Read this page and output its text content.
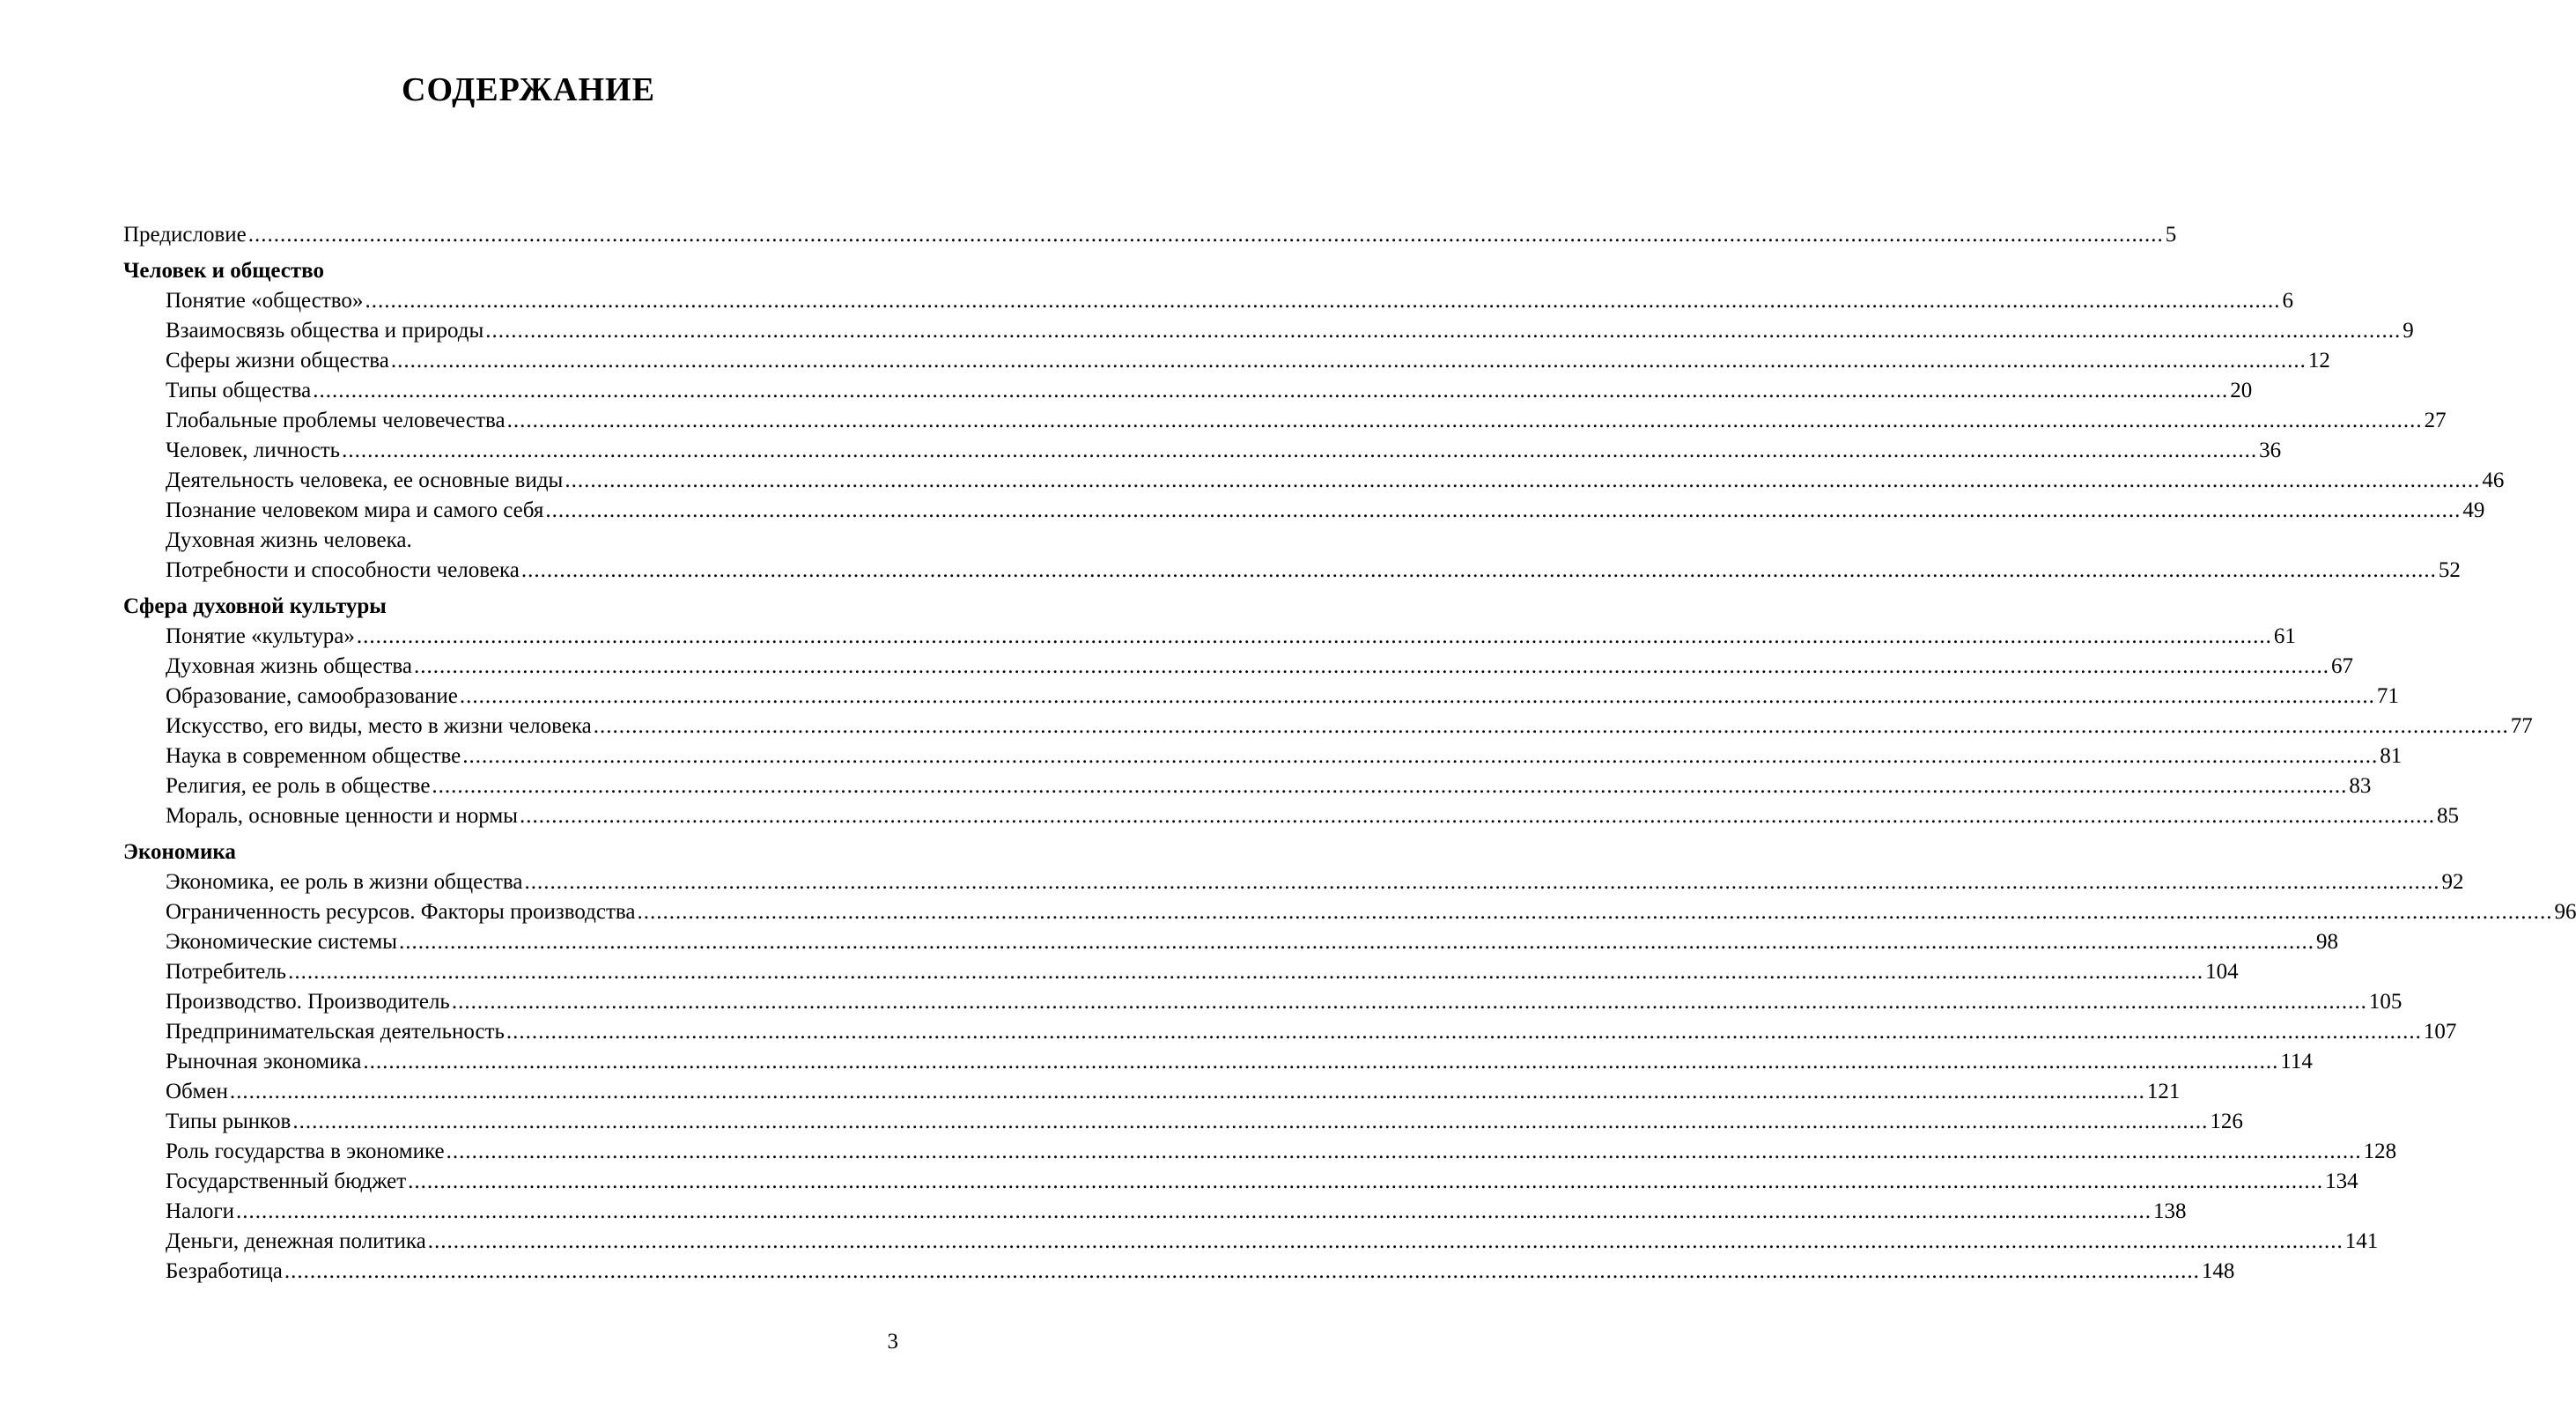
СОДЕРЖАНИЕ
Предисловие ............................................................................................................................................................................................................................................................................................................ 5
Человек и общество
Понятие «общество» ............................................................................................................................................................................................................................................................................................................ 6
Взаимосвязь общества и природы ............................................................................................................................................................................................................................................................................................................ 9
Сферы жизни общества ............................................................................................................................................................................................................................................................................................................ 12
Типы общества ............................................................................................................................................................................................................................................................................................................ 20
Глобальные проблемы человечества ............................................................................................................................................................................................................................................................................................................ 27
Человек, личность ............................................................................................................................................................................................................................................................................................................ 36
Деятельность человека, ее основные виды ............................................................................................................................................................................................................................................................................................................ 46
Познание человеком мира и самого себя ............................................................................................................................................................................................................................................................................................................ 49
Духовная жизнь человека.
Потребности и способности человека ............................................................................................................................................................................................................................................................................................................ 52
Сфера духовной культуры
Понятие «культура» ............................................................................................................................................................................................................................................................................................................ 61
Духовная жизнь общества ............................................................................................................................................................................................................................................................................................................ 67
Образование, самообразование ............................................................................................................................................................................................................................................................................................................ 71
Искусство, его виды, место в жизни человека ............................................................................................................................................................................................................................................................................................................ 77
Наука в современном обществе ............................................................................................................................................................................................................................................................................................................ 81
Религия, ее роль в обществе ............................................................................................................................................................................................................................................................................................................ 83
Мораль, основные ценности и нормы ............................................................................................................................................................................................................................................................................................................ 85
Экономика
Экономика, ее роль в жизни общества ............................................................................................................................................................................................................................................................................................................ 92
Ограниченность ресурсов. Факторы производства ............................................................................................................................................................................................................................................................................................................ 96
Экономические системы ............................................................................................................................................................................................................................................................................................................ 98
Потребитель ............................................................................................................................................................................................................................................................................................................ 104
Производство. Производитель ............................................................................................................................................................................................................................................................................................................ 105
Предпринимательская деятельность ............................................................................................................................................................................................................................................................................................................ 107
Рыночная экономика ............................................................................................................................................................................................................................................................................................................ 114
Обмен ............................................................................................................................................................................................................................................................................................................ 121
Типы рынков ............................................................................................................................................................................................................................................................................................................ 126
Роль государства в экономике ............................................................................................................................................................................................................................................................................................................ 128
Государственный бюджет ............................................................................................................................................................................................................................................................................................................ 134
Налоги ............................................................................................................................................................................................................................................................................................................ 138
Деньги, денежная политика ............................................................................................................................................................................................................................................................................................................ 141
Безработица ............................................................................................................................................................................................................................................................................................................ 148
3
